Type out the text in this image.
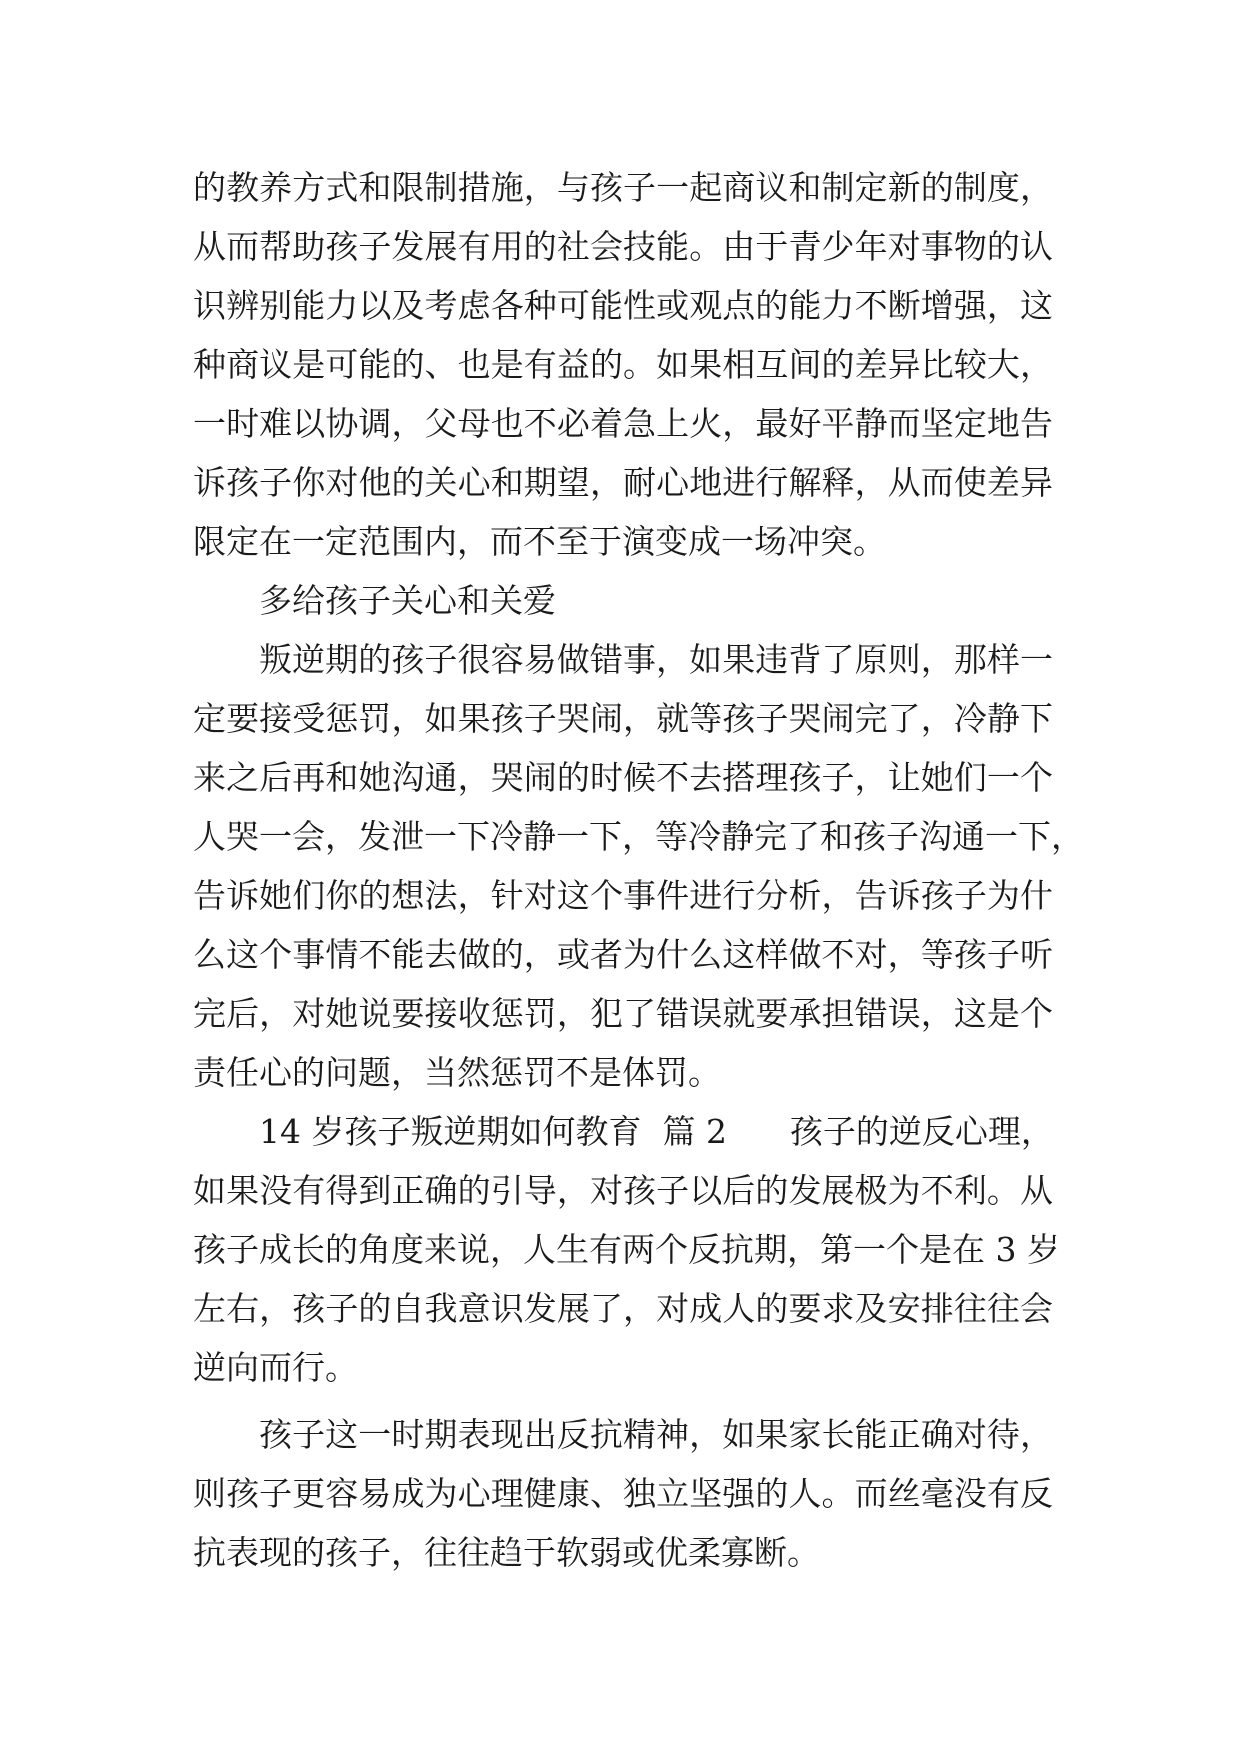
的教养方式和限制措施，与孩子一起商议和制定新的制度，
从而帮助孩子发展有用的社会技能。由于青少年对事物的认
识辨别能力以及考虑各种可能性或观点的能力不断增强，这
种商议是可能的、也是有益的。如果相互间的差异比较大，
一时难以协调，父母也不必着急上火，最好平静而坚定地告
诉孩子你对他的关心和期望，耐心地进行解释，从而使差异
限定在一定范围内，而不至于演变成一场冲突。
多给孩子关心和关爱
叛逆期的孩子很容易做错事，如果违背了原则，那样一
定要接受惩罚，如果孩子哭闹，就等孩子哭闹完了，冷静下
来之后再和她沟通，哭闹的时候不去搭理孩子，让她们一个
人哭一会，发泄一下冷静一下，等冷静完了和孩子沟通一下，
告诉她们你的想法，针对这个事件进行分析，告诉孩子为什
么这个事情不能去做的，或者为什么这样做不对，等孩子听
完后，对她说要接收惩罚，犯了错误就要承担错误，这是个
责任心的问题，当然惩罚不是体罚。
14 岁孩子叛逆期如何教育  篇 2      孩子的逆反心理，
如果没有得到正确的引导，对孩子以后的发展极为不利。从
孩子成长的角度来说，人生有两个反抗期，第一个是在 3 岁
左右，孩子的自我意识发展了，对成人的要求及安排往往会
逆向而行。
孩子这一时期表现出反抗精神，如果家长能正确对待，
则孩子更容易成为心理健康、独立坚强的人。而丝毫没有反
抗表现的孩子，往往趋于软弱或优柔寡断。
